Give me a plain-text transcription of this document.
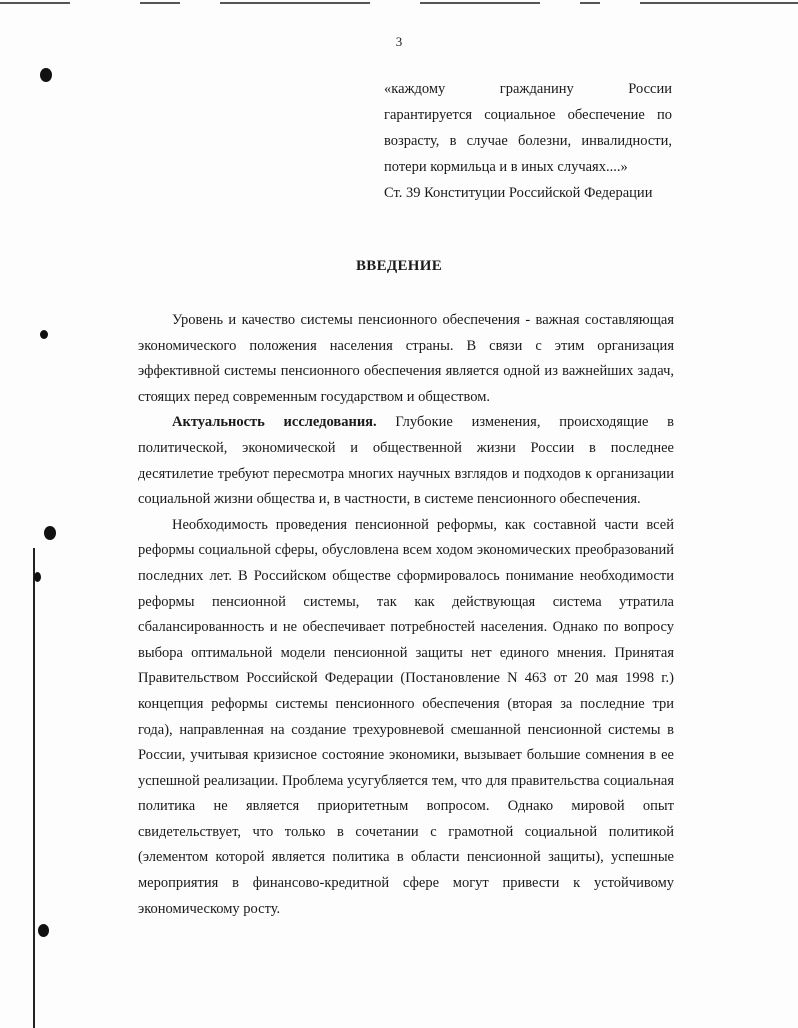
3
«каждому гражданину России
гарантируется социальное обеспечение по
возрасту, в случае болезни, инвалидности,
потери кормильца и в иных случаях....»
Ст. 39 Конституции Российской Федерации
ВВЕДЕНИЕ

Уровень и качество системы пенсионного обеспечения - важная составляющая экономического положения населения страны. В связи с этим организация эффективной системы пенсионного обеспечения является одной из важнейших задач, стоящих перед современным государством и обществом.

Актуальность исследования. Глубокие изменения, происходящие в политической, экономической и общественной жизни России в последнее десятилетие требуют пересмотра многих научных взглядов и подходов к организации социальной жизни общества и, в частности, в системе пенсионного обеспечения.

Необходимость проведения пенсионной реформы, как составной части всей реформы социальной сферы, обусловлена всем ходом экономических преобразований последних лет. В Российском обществе сформировалось понимание необходимости реформы пенсионной системы, так как действующая система утратила сбалансированность и не обеспечивает потребностей населения. Однако по вопросу выбора оптимальной модели пенсионной защиты нет единого мнения. Принятая Правительством Российской Федерации (Постановление N 463 от 20 мая 1998 г.) концепция реформы системы пенсионного обеспечения (вторая за последние три года), направленная на создание трехуровневой смешанной пенсионной системы в России, учитывая кризисное состояние экономики, вызывает большие сомнения в ее успешной реализации. Проблема усугубляется тем, что для правительства социальная политика не является приоритетным вопросом. Однако мировой опыт свидетельствует, что только в сочетании с грамотной социальной политикой (элементом которой является политика в области пенсионной защиты), успешные мероприятия в финансово-кредитной сфере могут привести к устойчивому экономическому росту.
